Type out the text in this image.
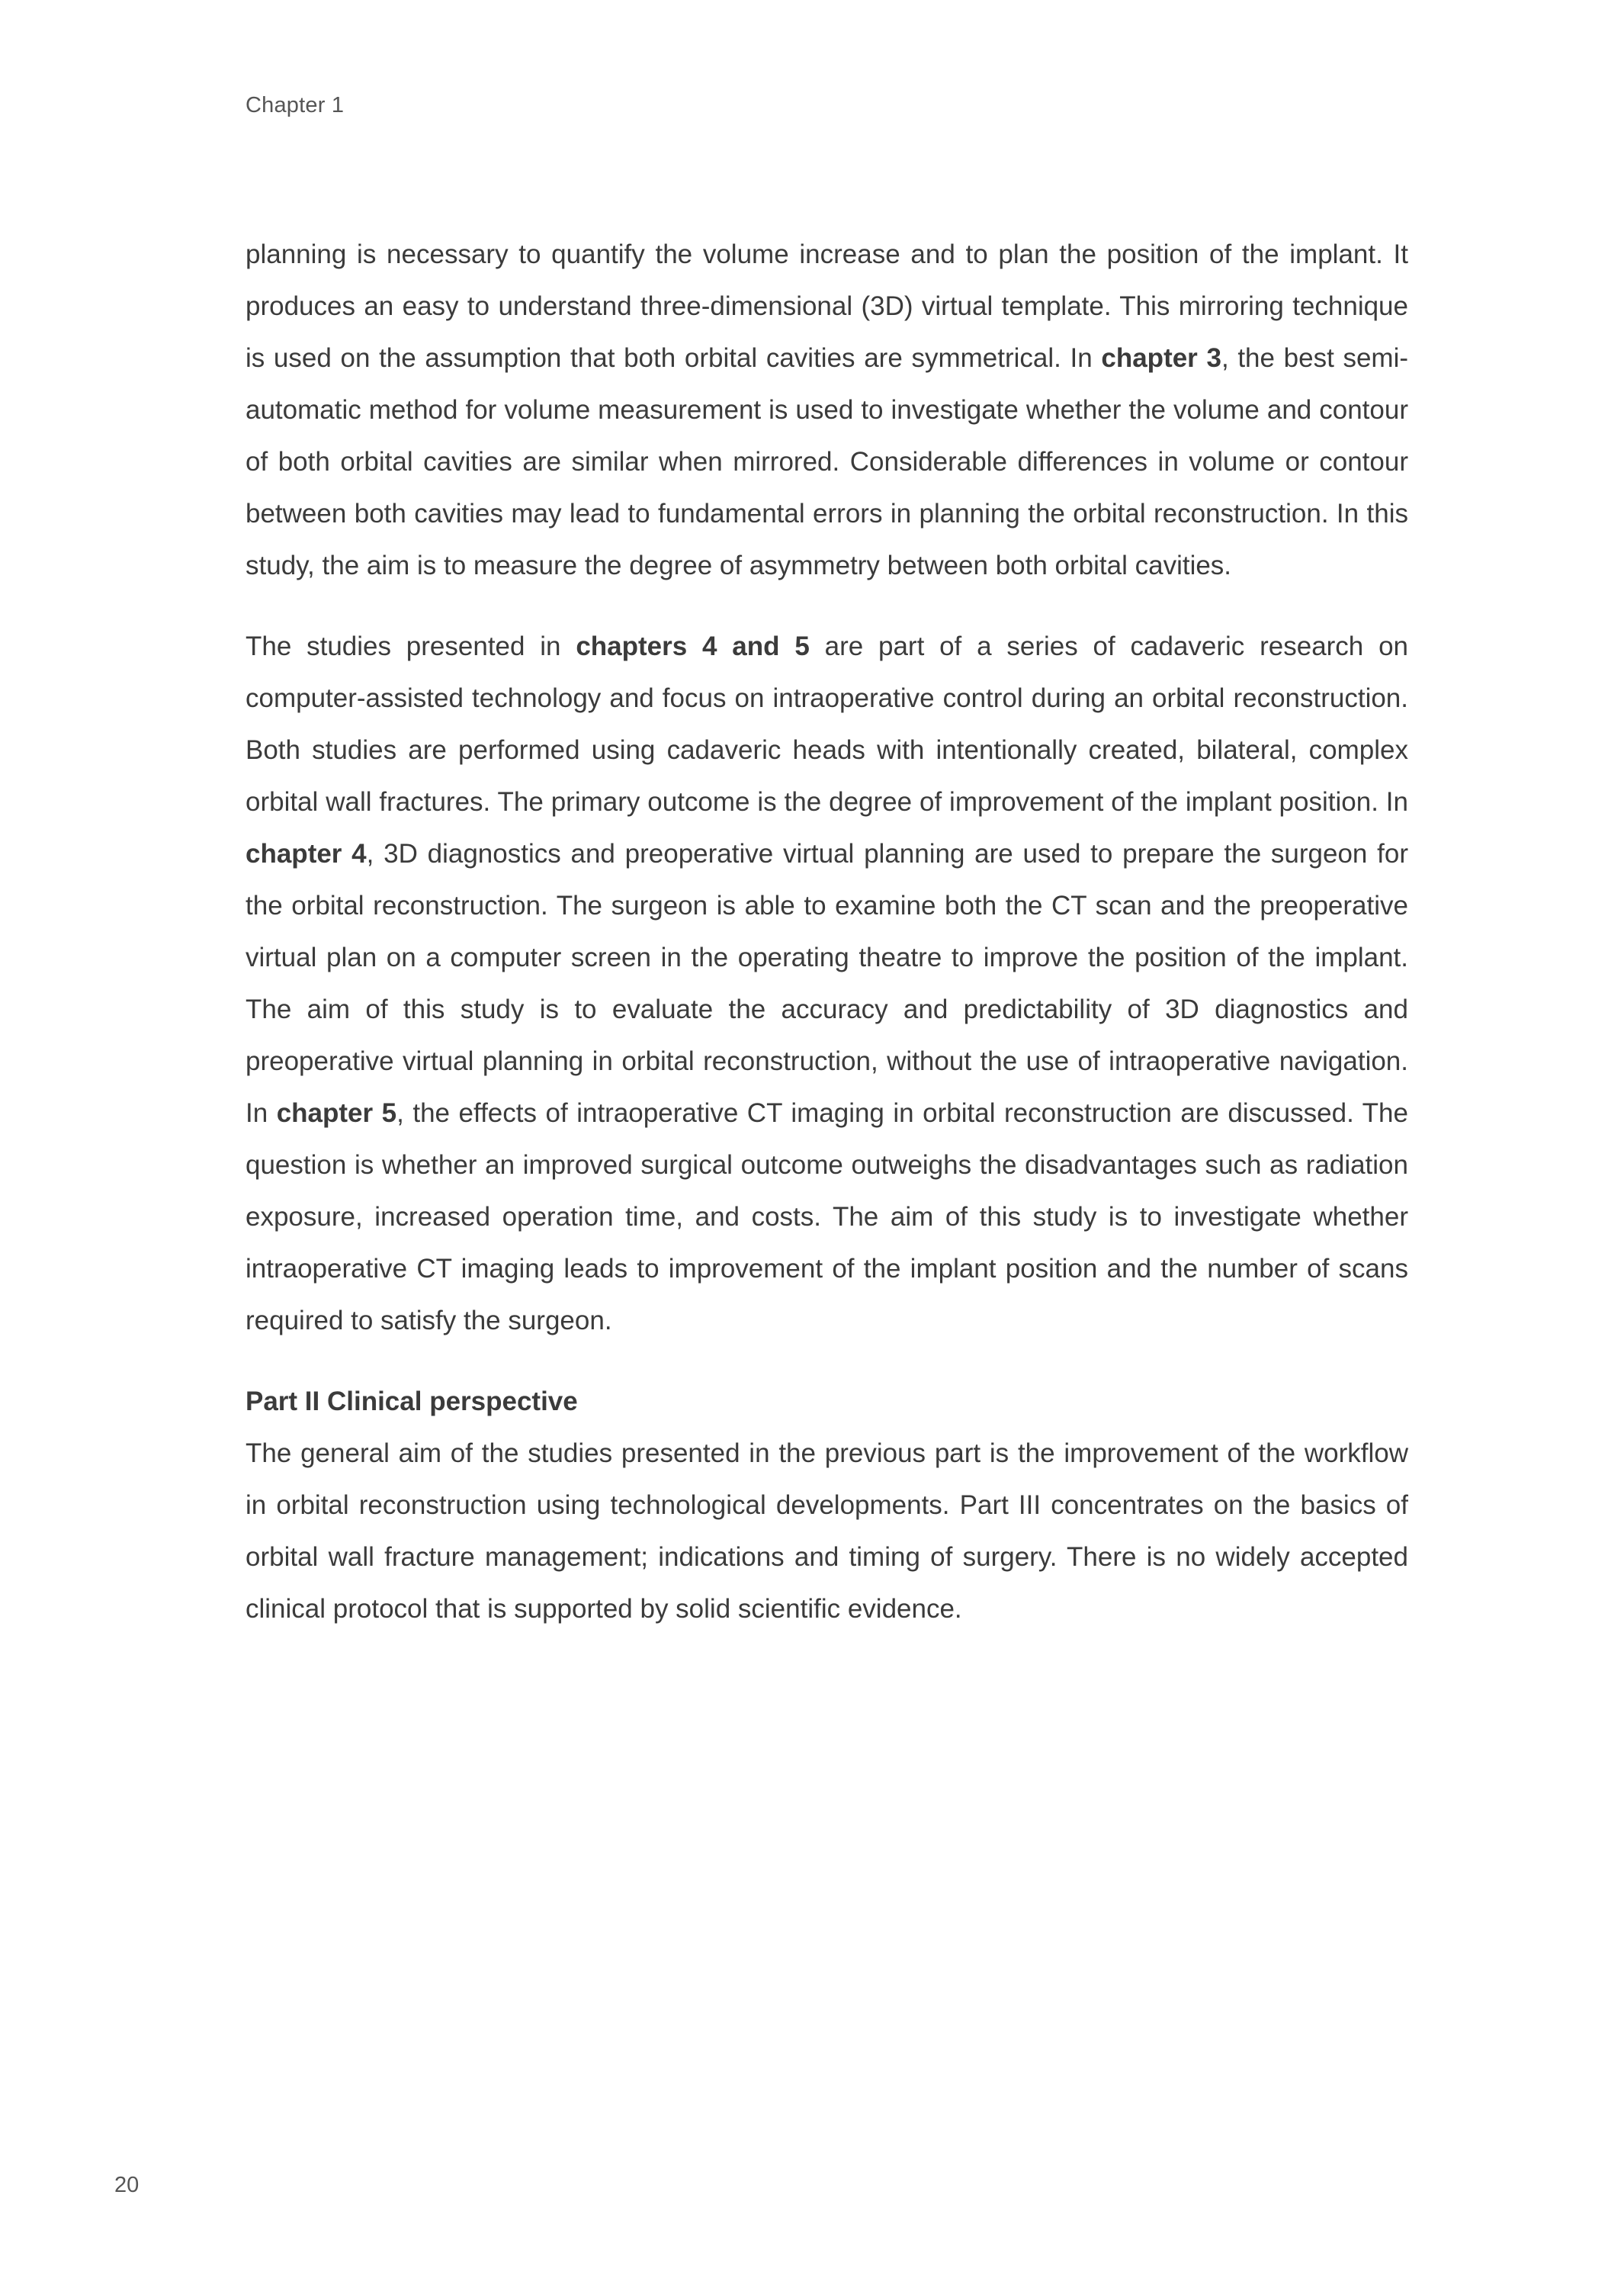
Chapter 1

planning is necessary to quantify the volume increase and to plan the position of the implant. It produces an easy to understand three-dimensional (3D) virtual template. This mirroring technique is used on the assumption that both orbital cavities are symmetrical. In chapter 3, the best semi-automatic method for volume measurement is used to investigate whether the volume and contour of both orbital cavities are similar when mirrored. Considerable differences in volume or contour between both cavities may lead to fundamental errors in planning the orbital reconstruction. In this study, the aim is to measure the degree of asymmetry between both orbital cavities.

The studies presented in chapters 4 and 5 are part of a series of cadaveric research on computer-assisted technology and focus on intraoperative control during an orbital reconstruction. Both studies are performed using cadaveric heads with intentionally created, bilateral, complex orbital wall fractures. The primary outcome is the degree of improvement of the implant position. In chapter 4, 3D diagnostics and preoperative virtual planning are used to prepare the surgeon for the orbital reconstruction. The surgeon is able to examine both the CT scan and the preoperative virtual plan on a computer screen in the operating theatre to improve the position of the implant. The aim of this study is to evaluate the accuracy and predictability of 3D diagnostics and preoperative virtual planning in orbital reconstruction, without the use of intraoperative navigation. In chapter 5, the effects of intraoperative CT imaging in orbital reconstruction are discussed. The question is whether an improved surgical outcome outweighs the disadvantages such as radiation exposure, increased operation time, and costs. The aim of this study is to investigate whether intraoperative CT imaging leads to improvement of the implant position and the number of scans required to satisfy the surgeon.

Part II Clinical perspective

The general aim of the studies presented in the previous part is the improvement of the workflow in orbital reconstruction using technological developments. Part III concentrates on the basics of orbital wall fracture management; indications and timing of surgery. There is no widely accepted clinical protocol that is supported by solid scientific evidence.

20
